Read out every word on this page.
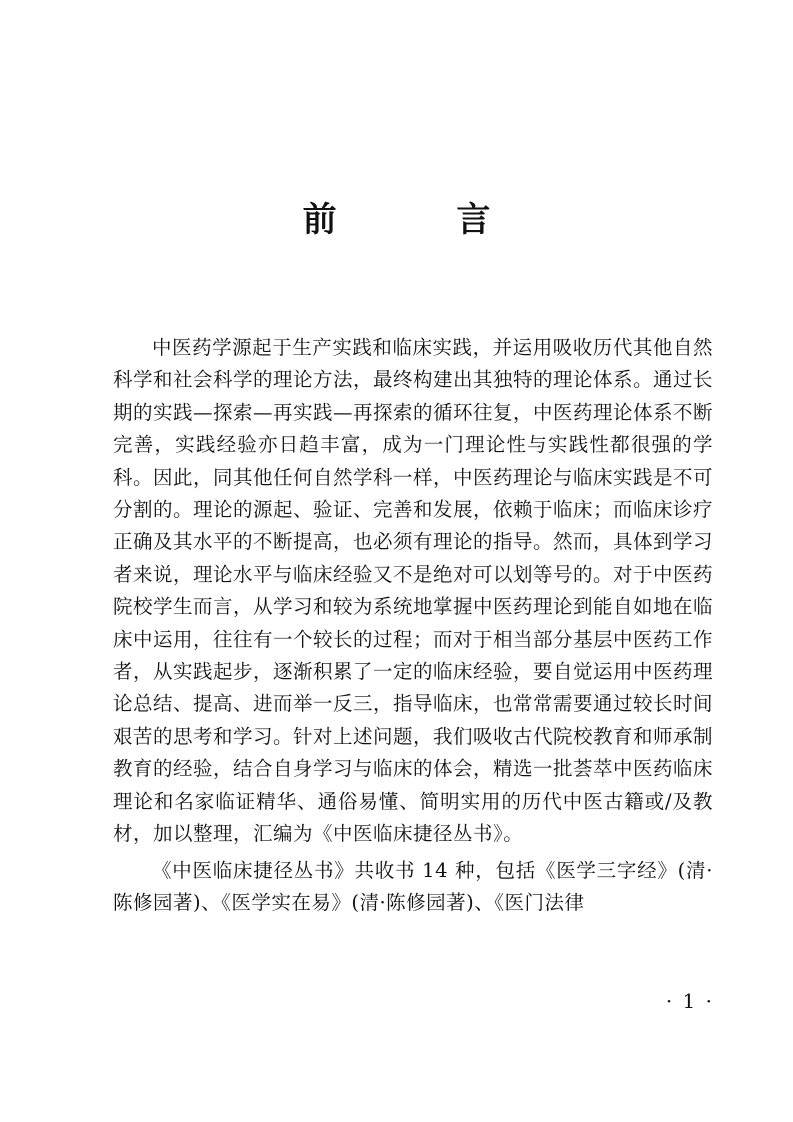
前 言

中医药学源起于生产实践和临床实践，并运用吸收历代其他自然科学和社会科学的理论方法，最终构建出其独特的理论体系。通过长期的实践—探索—再实践—再探索的循环往复，中医药理论体系不断完善，实践经验亦日趋丰富，成为一门理论性与实践性都很强的学科。因此，同其他任何自然学科一样，中医药理论与临床实践是不可分割的。理论的源起、验证、完善和发展，依赖于临床；而临床诊疗正确及其水平的不断提高，也必须有理论的指导。然而，具体到学习者来说，理论水平与临床经验又不是绝对可以划等号的。对于中医药院校学生而言，从学习和较为系统地掌握中医药理论到能自如地在临床中运用，往往有一个较长的过程；而对于相当部分基层中医药工作者，从实践起步，逐渐积累了一定的临床经验，要自觉运用中医药理论总结、提高、进而举一反三，指导临床，也常常需要通过较长时间艰苦的思考和学习。针对上述问题，我们吸收古代院校教育和师承制教育的经验，结合自身学习与临床的体会，精选一批荟萃中医药临床理论和名家临证精华、通俗易懂、简明实用的历代中医古籍或/及教材，加以整理，汇编为《中医临床捷径丛书》。

《中医临床捷径丛书》共收书 14 种，包括《医学三字经》(清·陈修园著)、《医学实在易》(清·陈修园著)、《医门法律

· 1 ·
